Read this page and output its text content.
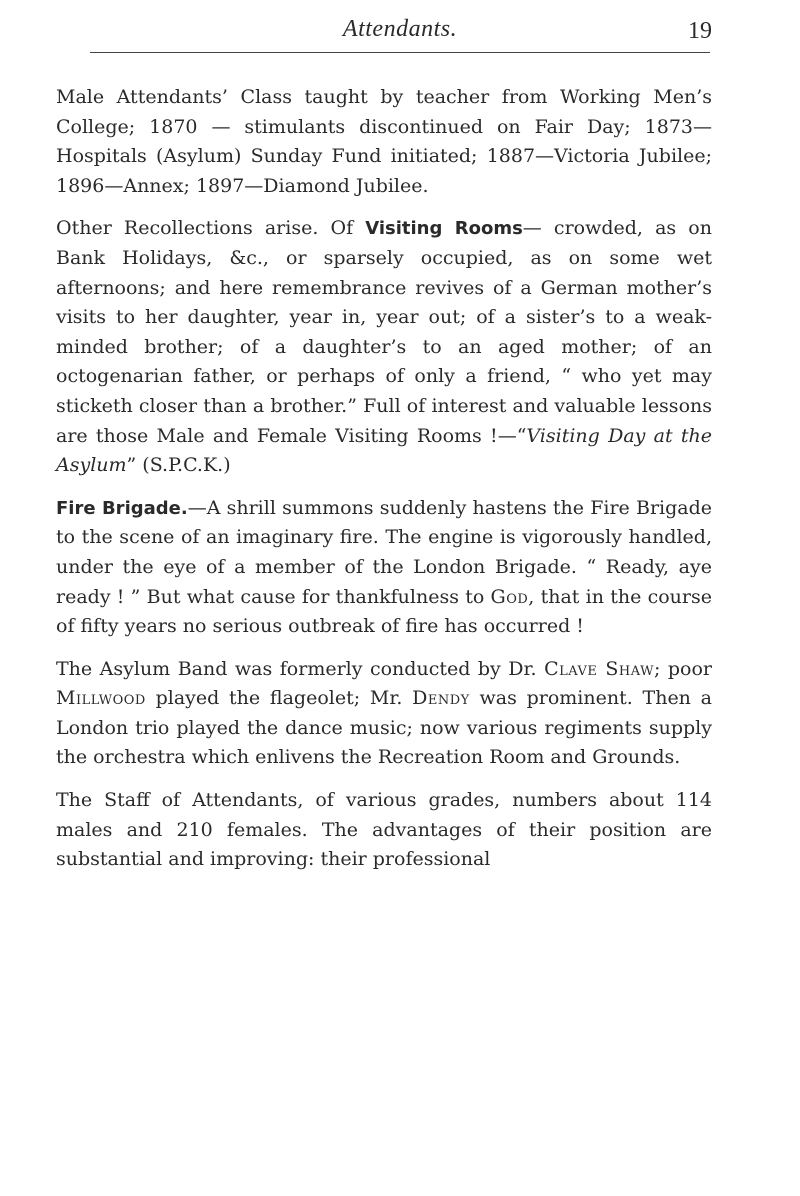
Attendants.	19

Male Attendants’ Class taught by teacher from Working Men’s College; 1870 — stimulants discontinued on Fair Day; 1873—Hospitals (Asylum) Sunday Fund initiated; 1887—Victoria Jubilee; 1896—Annex; 1897—Diamond Jubilee.

Other Recollections arise. Of Visiting Rooms— crowded, as on Bank Holidays, &c., or sparsely occupied, as on some wet afternoons; and here remembrance revives of a German mother’s visits to her daughter, year in, year out; of a sister’s to a weak-minded brother; of a daughter’s to an aged mother; of an octogenarian father, or perhaps of only a friend, “ who yet may sticketh closer than a brother.” Full of interest and valuable lessons are those Male and Female Visiting Rooms !—“Visiting Day at the Asylum” (S.P.C.K.)

Fire Brigade.—A shrill summons suddenly hastens the Fire Brigade to the scene of an imaginary fire. The engine is vigorously handled, under the eye of a member of the London Brigade. “ Ready, aye ready ! ” But what cause for thankfulness to God, that in the course of fifty years no serious outbreak of fire has occurred !

The Asylum Band was formerly conducted by Dr. Clave Shaw; poor Millwood played the flageolet; Mr. Dendy was prominent. Then a London trio played the dance music; now various regiments supply the orchestra which enlivens the Recreation Room and Grounds.

The Staff of Attendants, of various grades, numbers about 114 males and 210 females. The advantages of their position are substantial and improving: their professional
